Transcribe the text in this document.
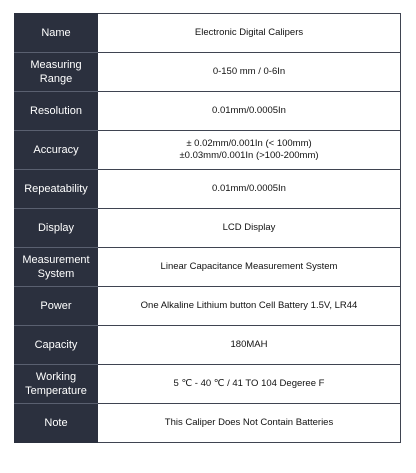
Name	Electronic Digital Calipers

Measuring Range	0-150 mm / 0-6In

Resolution	0.01mm/0.0005In

Accuracy	± 0.02mm/0.001In (< 100mm)
±0.03mm/0.001In (>100-200mm)

Repeatability	0.01mm/0.0005In

Display	LCD Display

Measurement System	Linear Capacitance Measurement System

Power	One Alkaline Lithium button Cell Battery 1.5V, LR44

Capacity	180MAH

Working Temperature	5 ℃ - 40 ℃ / 41 TO 104 Degeree F

Note	This Caliper Does Not Contain Batteries
